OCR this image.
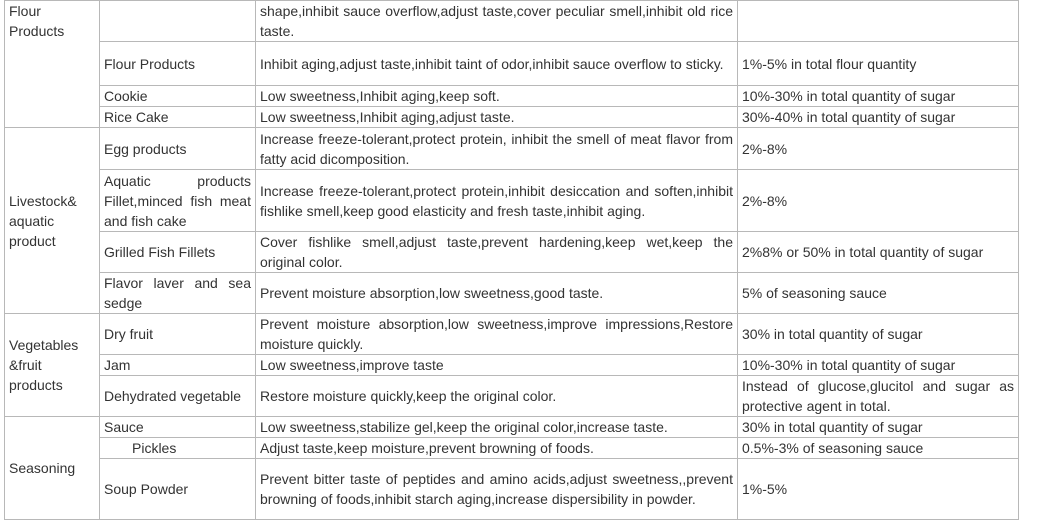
Flour Products		shape,inhibit sauce overflow,adjust taste,cover peculiar smell,inhibit old rice taste.	
	Flour Products	Inhibit aging,adjust taste,inhibit taint of odor,inhibit sauce overflow to sticky.	1%-5% in total flour quantity
	Cookie	Low sweetness,Inhibit aging,keep soft.	10%-30% in total quantity of sugar
	Rice Cake	Low sweetness,Inhibit aging,adjust taste.	30%-40% in total quantity of sugar
Livestock& aquatic product	Egg products	Increase freeze-tolerant,protect protein, inhibit the smell of meat flavor from fatty acid dicomposition.	2%-8%
	Aquatic products Fillet,minced fish meat and fish cake	Increase freeze-tolerant,protect protein,inhibit desiccation and soften,inhibit fishlike smell,keep good elasticity and fresh taste,inhibit aging.	2%-8%
	Grilled Fish Fillets	Cover fishlike smell,adjust taste,prevent hardening,keep wet,keep the original color.	2%8% or 50% in total quantity of sugar
	Flavor laver and sea sedge	Prevent moisture absorption,low sweetness,good taste.	5% of seasoning sauce
Vegetables &fruit products	Dry fruit	Prevent moisture absorption,low sweetness,improve impressions,Restore moisture quickly.	30% in total quantity of sugar
	Jam	Low sweetness,improve taste	10%-30% in total quantity of sugar
	Dehydrated vegetable	Restore moisture quickly,keep the original color.	Instead of glucose,glucitol and sugar as protective agent in total.
Seasoning	Sauce	Low sweetness,stabilize gel,keep the original color,increase taste.	30% in total quantity of sugar
	Pickles	Adjust taste,keep moisture,prevent browning of foods.	0.5%-3% of seasoning sauce
	Soup Powder	Prevent bitter taste of peptides and amino acids,adjust sweetness,,prevent browning of foods,inhibit starch aging,increase dispersibility in powder.	1%-5%
